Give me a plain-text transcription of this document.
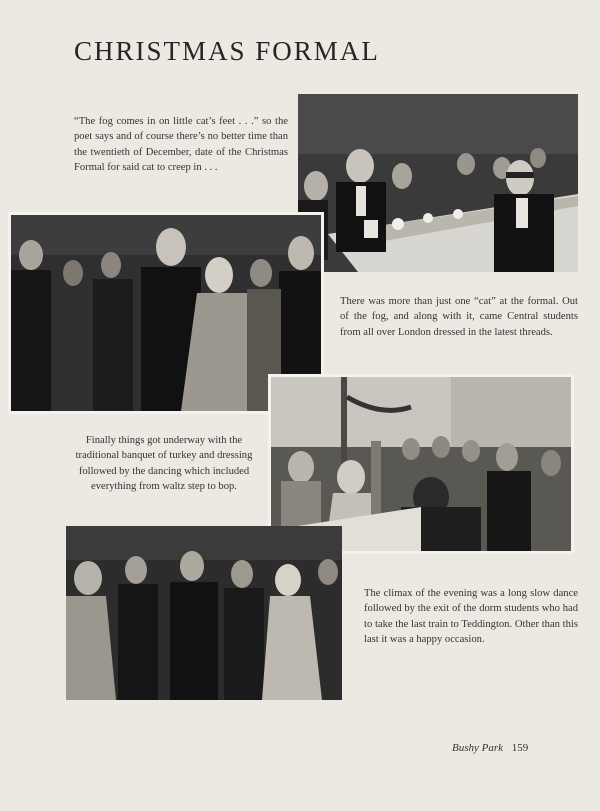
CHRISTMAS FORMAL

“The fog comes in on little cat’s feet . . .” so the poet says and of course there’s no better time than the twentieth of December, date of the Christmas Formal for said cat to creep in . . .

There was more than just one “cat” at the formal. Out of the fog, and along with it, came Central students from all over London dressed in the latest threads.

Finally things got underway with the traditional banquet of turkey and dressing followed by the dancing which included everything from waltz step to bop.

The climax of the evening was a long slow dance followed by the exit of the dorm students who had to take the last train to Teddington. Other than this last it was a happy occasion.

Bushy Park 159
